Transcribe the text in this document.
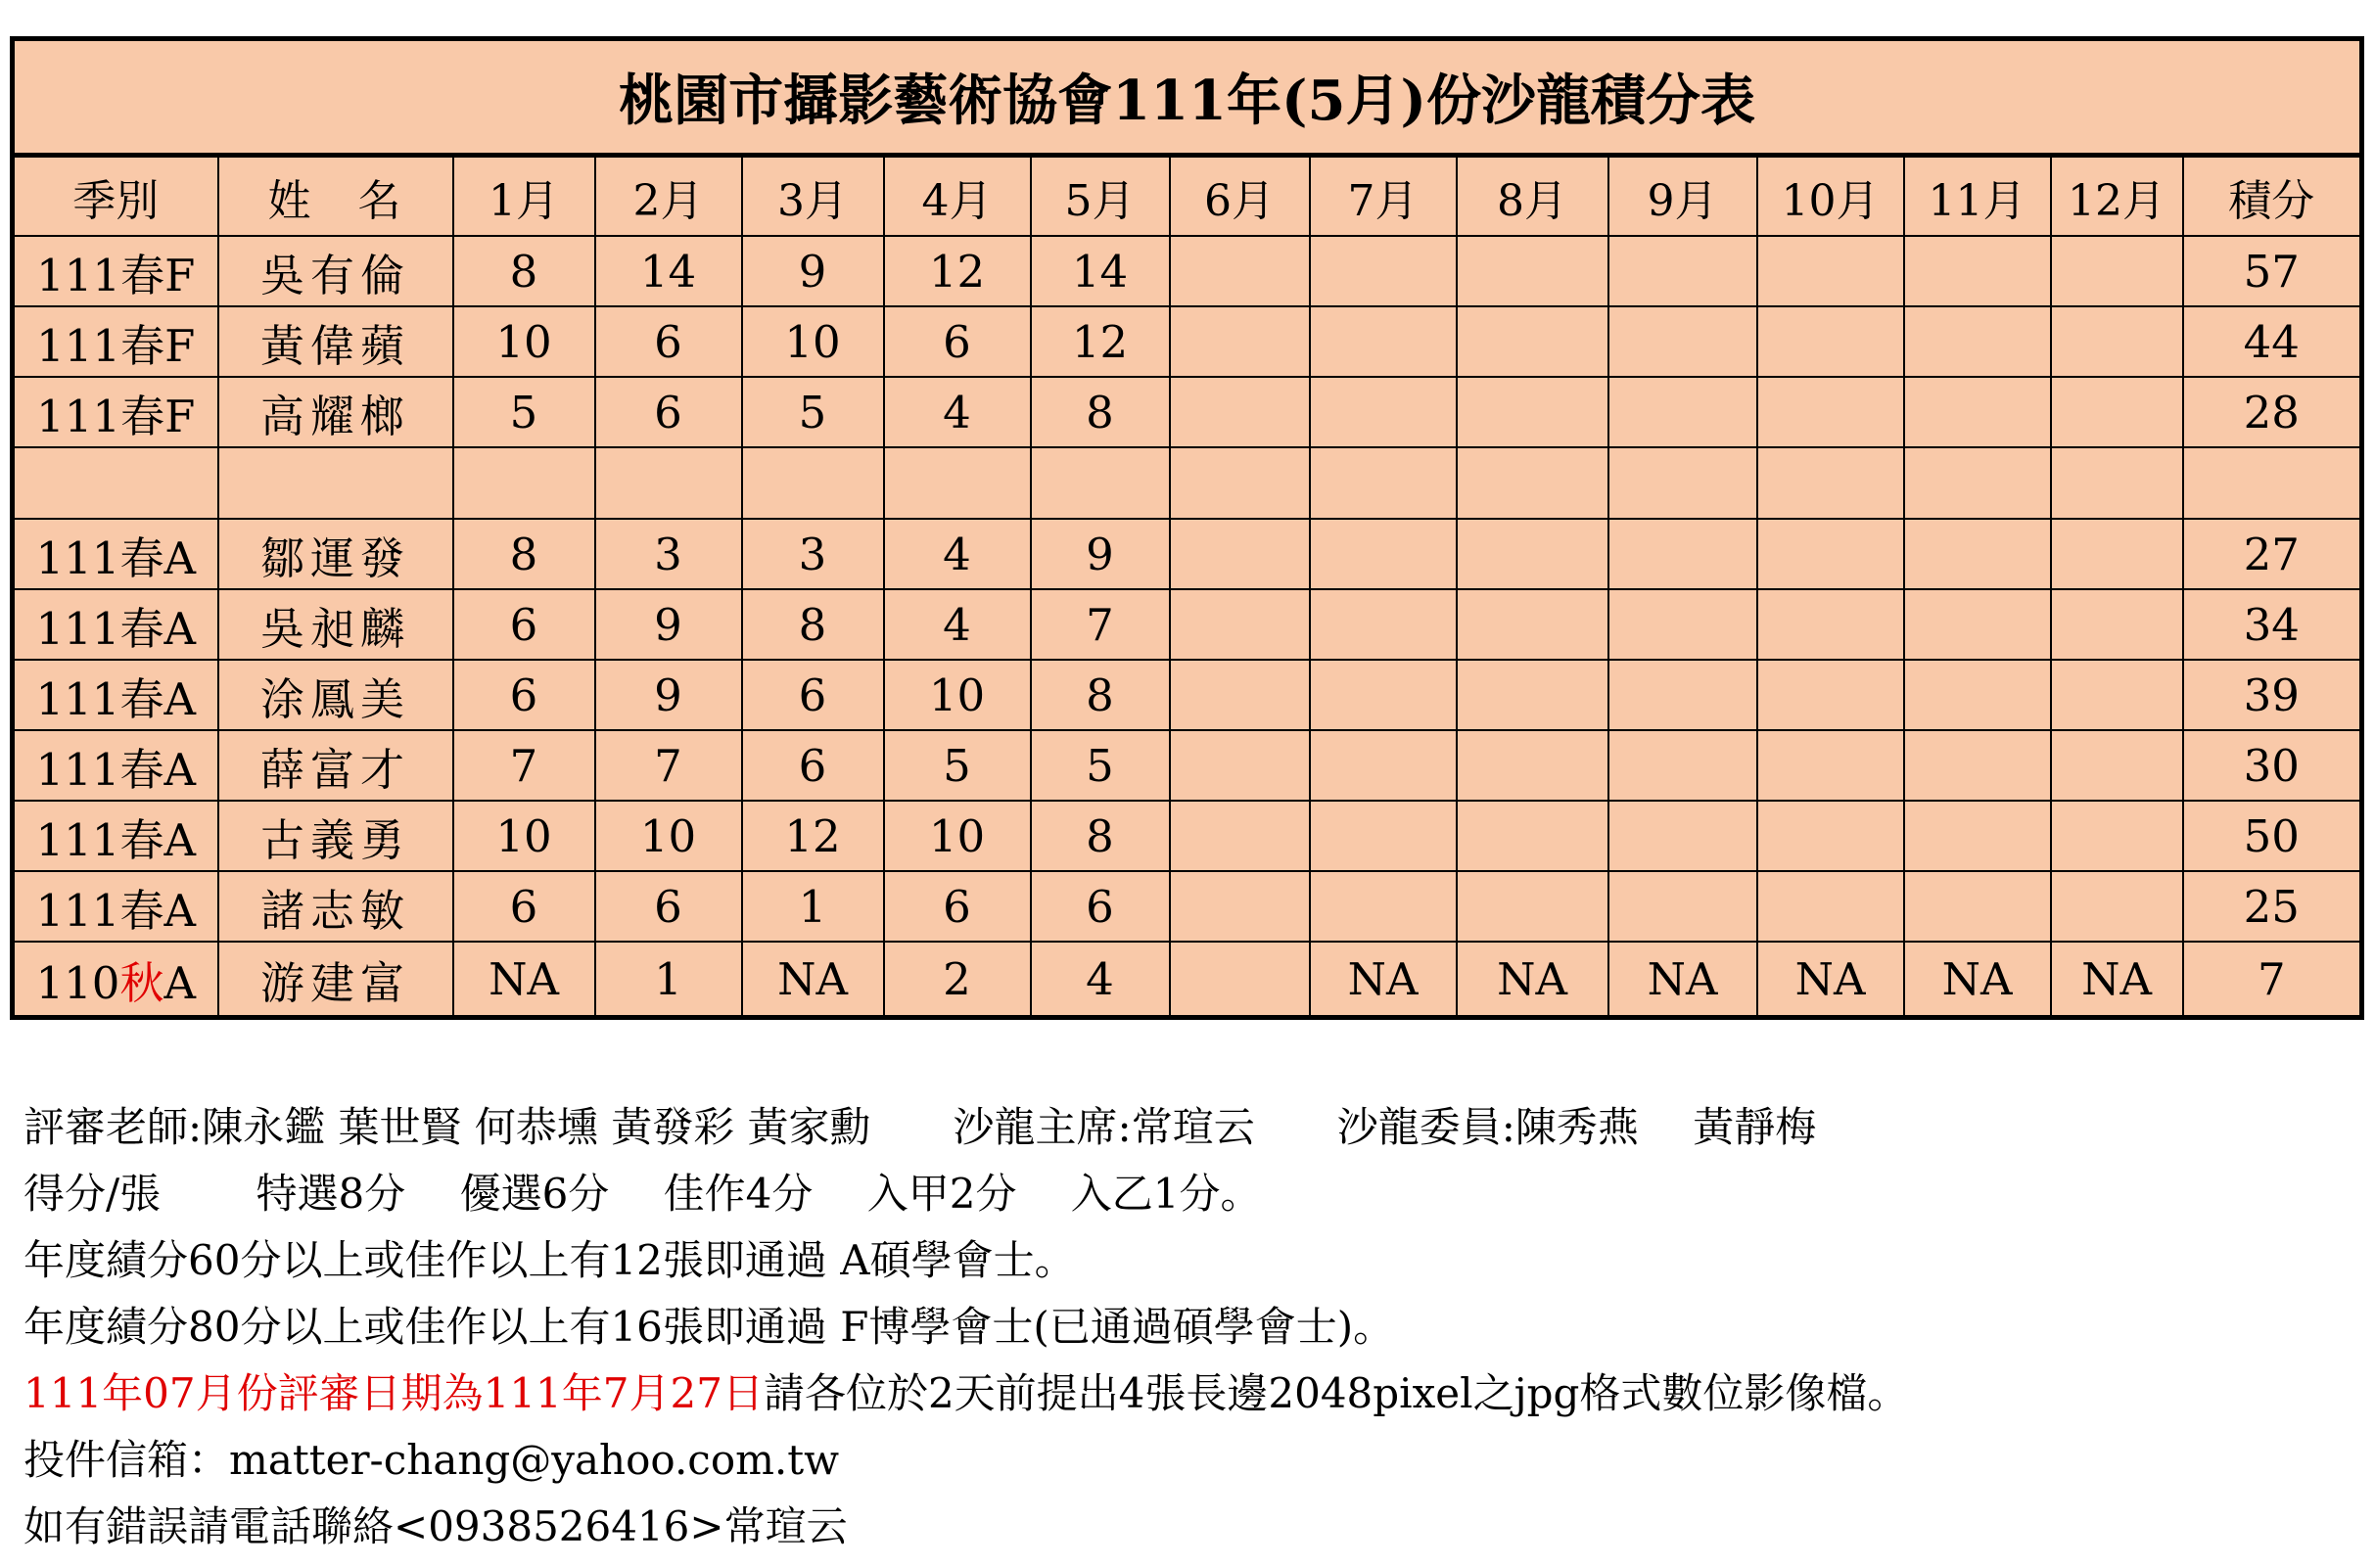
桃園市攝影藝術協會111年(5月)份沙龍積分表														
季別	姓　名	1月	2月	3月	4月	5月	6月	7月	8月	9月	10月	11月	12月	積分
111春F	吳有倫	8	14	9	12	14								57
111春F	黃偉蘋	10	6	10	6	12								44
111春F	高耀榔	5	6	5	4	8								28

111春A	鄒運發	8	3	3	4	9								27
111春A	吳昶麟	6	9	8	4	7								34
111春A	涂鳳美	6	9	6	10	8								39
111春A	薛富才	7	7	6	5	5								30
111春A	古義勇	10	10	12	10	8								50
111春A	諸志敏	6	6	1	6	6								25
110秋A	游建富	NA	1	NA	2	4		NA	NA	NA	NA	NA	NA	7
評審老師:陳永鑑 葉世賢 何恭壎 黃發彩 黃家勳　　沙龍主席:常瑄云　　沙龍委員:陳秀燕　 黃靜梅
得分/張　　 特選8分　 優選6分　 佳作4分　 入甲2分　 入乙1分。
年度績分60分以上或佳作以上有12張即通過 A碩學會士。
年度績分80分以上或佳作以上有16張即通過 F博學會士(已通過碩學會士)。
111年07月份評審日期為111年7月27日請各位於2天前提出4張長邊2048pixel之jpg格式數位影像檔。
投件信箱：matter-chang@yahoo.com.tw
如有錯誤請電話聯絡<0938526416>常瑄云
